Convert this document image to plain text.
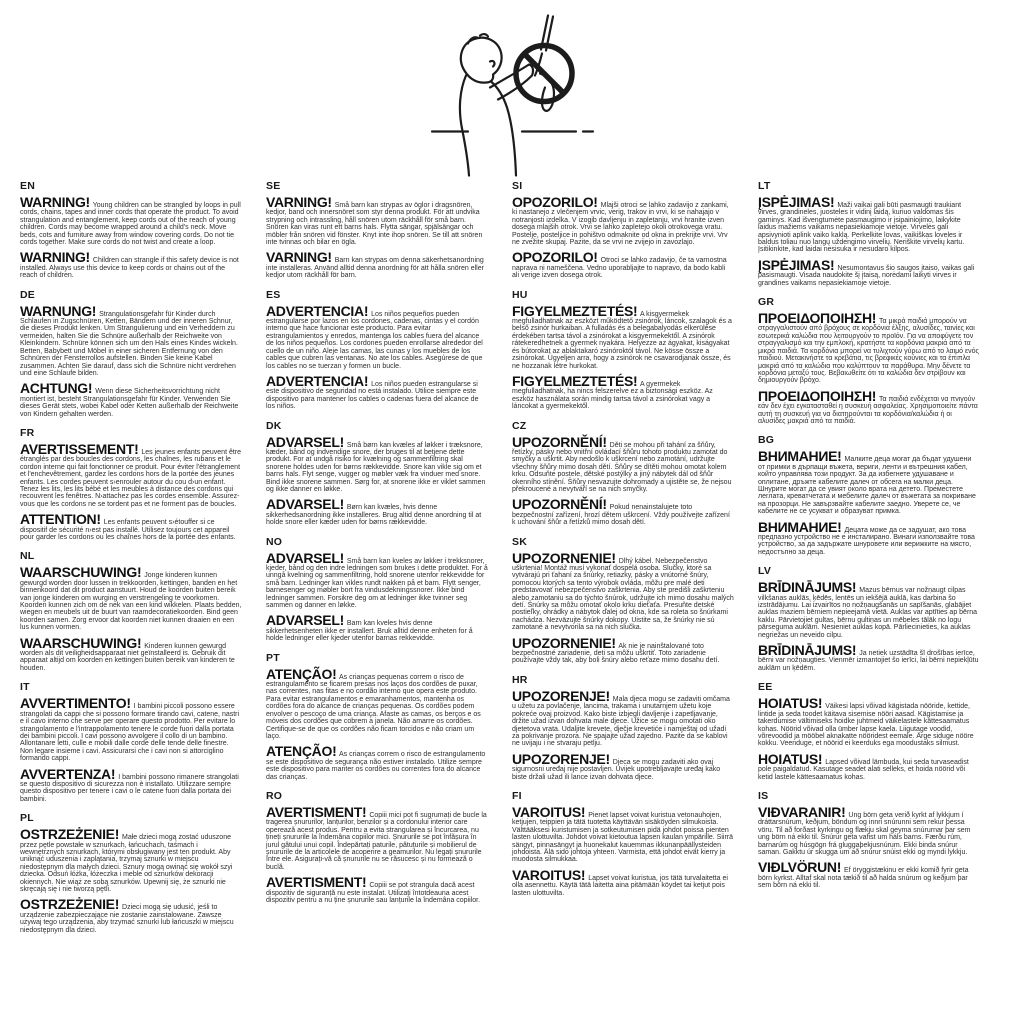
EN

WARNING! Young children can be strangled by loops in pull cords, chains, tapes and inner cords that operate the product. To avoid strangulation and entanglement, keep cords out of the reach of young children. Cords may become wrapped around a child's neck. Move beds, cots and furniture away from window covering cords. Do not tie cords together. Make sure cords do not twist and create a loop.

WARNING! Children can strangle if this safety device is not installed. Always use this device to keep cords or chains out of the reach of children.

DE

WARNUNG! Strangulationsgefahr für Kinder durch Schlaufen in Zugschnüren, Ketten, Bändern und der inneren Schnur, die dieses Produkt lenken. Um Strangulierung und ein Verheddern zu vermeiden, halten Sie die Schnüre außerhalb der Reichweite von Kleinkindern. Schnüre können sich um den Hals eines Kindes wickeln. Betten, Babybett und Möbel in einer sicheren Entfernung von den Schnüren der Fensterrollos aufstellen. Binden Sie keine Kabel zusammen. Achten Sie darauf, dass sich die Schnüre nicht verdrehen und eine Schlaufe bilden.

ACHTUNG! Wenn diese Sicherheitsvorrichtung nicht montiert ist, besteht Strangulationsgefahr für Kinder. Verwenden Sie dieses Gerät stets, wobei Kabel oder Ketten außerhalb der Reichweite von Kindern gehalten werden.

FR

AVERTISSEMENT! Les jeunes enfants peuvent être étranglés par des boucles des cordons, les chaînes, les rubans et le cordon interne qui fait fonctionner ce produit. Pour éviter l'étranglement et l'enchevêtrement, gardez les cordons hors de la portée des jeunes enfants. Les cordes peuvent s›enrouler autour du cou d›un enfant. Tenez les lits, les lits bébé et les meubles à distance des cordons qui recouvrent les fenêtres. N›attachez pas les cordes ensemble. Assurez-vous que les cordons ne se tordent pas et ne forment pas de boucles.

ATTENTION! Les enfants peuvent s›étouffer si ce dispositif de sécurité n›est pas installé. Utilisez toujours cet appareil pour garder les cordons ou les chaînes hors de la portée des enfants.

NL

WAARSCHUWING! Jonge kinderen kunnen gewurgd worden door lussen in trekkoorden, kettingen, banden en het binnenkoord dat dit product aanstuurt. Houd de koorden buiten bereik van jonge kinderen om wurging en verstrengeling te voorkomen. Koorden kunnen zich om de nek van een kind wikkelen. Plaats bedden, wiegen en meubels uit de buurt van raamdecoratiekoorden. Bind geen koorden samen. Zorg ervoor dat koorden niet kunnen draaien en een lus kunnen vormen.

WAARSCHUWING! Kinderen kunnen gewurgd worden als dit veiligheidsapparaat niet geïnstalleerd is. Gebruik dit apparaat altijd om koorden en kettingen buiten bereik van kinderen te houden.

IT

AVVERTIMENTO! I bambini piccoli possono essere strangolati da cappi che si possono formare tirando cavi, catene, nastri e il cavo interno che serve per operare questo prodotto. Per evitare lo strangolamento e l'intrappolamento tenere le corde fuori dalla portata dei bambini piccoli. I cavi possono avvolgere il collo di un bambino. Allontanare letti, culle e mobili dalle corde delle tende delle finestre. Non legare insieme i cavi. Assicurarsi che i cavi non si attorciglino formando cappi.

AVVERTENZA! I bambini possono rimanere strangolati se questo dispositivo di sicurezza non è installato. Utilizzare sempre questo dispositivo per tenere i cavi o le catene fuori dalla portata dei bambini.

PL

OSTRZEŻENIE! Małe dzieci mogą zostać uduszone przez pętle powstałe w sznurkach, łańcuchach, taśmach i wewnętrznych sznurkach, którymi obsługiwany jest ten produkt. Aby uniknąć uduszenia i zaplątania, trzymaj sznurki w miejscu niedostępnym dla małych dzieci. Sznury mogą owinąć się wokół szyi dziecka. Odsuń łóżka, łóżeczka i meble od sznurków dekoracji okiennych. Nie wiąż ze sobą sznurków. Upewnij się, że sznurki nie skręcają się i nie tworzą pętli.

OSTRZEŻENIE! Dzieci mogą się udusić, jeśli to urządzenie zabezpieczające nie zostanie zainstalowane. Zawsze używaj tego urządzenia, aby trzymać sznurki lub łańcuszki w miejscu niedostępnym dla dzieci.

SE

VARNING! Små barn kan strypas av öglor i dragsnören, kedjor, band och innersnöret som styr denna produkt. För att undvika strypning och intrassling, håll snören utom räckhåll för små barn. Snören kan viras runt ett barns hals. Flytta sängar, spjälsängar och möbler från snören vid fönster. Knyt inte ihop snören. Se till att snören inte tvinnas och bilar en ögla.

VARNING! Barn kan strypas om denna säkerhetsanordning inte installeras. Använd alltid denna anordning för att hålla snören eller kedjor utom räckhåll för barn.

ES

ADVERTENCIA! Los niños pequeños pueden estrangularse por lazos en los cordones, cadenas, cintas y el cordón interno que hace funcionar este producto. Para evitar estrangulamientos y enredos, mantenga los cables fuera del alcance de los niños pequeños. Los cordones pueden enrollarse alrededor del cuello de un niño. Aleje las camas, las cunas y los muebles de los cables que cubren las ventanas. No ate los cables. Asegúrese de que los cables no se tuerzan y formen un bucle.

ADVERTENCIA! Los niños pueden estrangularse si este dispositivo de seguridad no está instalado. Utilice siempre este dispositivo para mantener los cables o cadenas fuera del alcance de los niños.

DK

ADVARSEL! Små børn kan kvæles af løkker i træksnore, kæder, bånd og indvendige snore, der bruges til at betjene dette produkt. For at undgå risiko for kvælning og sammenfiltring skal snorene holdes uden for børns rækkevidde. Snore kan vikle sig om et barns hals. Flyt senge, vugger og møbler væk fra vinduer med snore. Bind ikke snorene sammen. Sørg for, at snorene ikke er viklet sammen og ikke danner en løkke.

ADVARSEL! Børn kan kvæles, hvis denne sikkerhedsanordning ikke installeres. Brug altid denne anordning til at holde snore eller kæder uden for børns rækkevidde.

NO

ADVARSEL! Små barn kan kveles av løkker i trekksnorer, kjeder, bånd og den indre ledningen som brukes i dette produktet. For å unngå kvelning og sammenfiltring, hold snorene utenfor rekkevidde for små barn. Ledninger kan vikles rundt nakken på et barn. Flytt senger, barnesenger og møbler bort fra vindusdekningssnorer. Ikke bind ledninger sammen. Forsikre deg om at ledninger ikke tvinner seg sammen og danner en løkke.

ADVARSEL! Barn kan kveles hvis denne sikkerhetsenheten ikke er installert. Bruk alltid denne enheten for å holde ledninger eller kjeder utenfor barnas rekkevidde.

PT

ATENÇÃO! As crianças pequenas correm o risco de estrangulamento se ficarem presas nos laços dos cordões de puxar, nas correntes, nas fitas e no cordão interno que opera este produto. Para evitar estrangulamentos e emaranhamentos, mantenha os cordões fora do alcance de crianças pequenas. Os cordões podem envolver o pescoço de uma criança. Afaste as camas, os berços e os móveis dos cordões que cobrem a janela. Não amarre os cordões. Certifique-se de que os cordões não ficam torcidos e não criam um laço.

ATENÇÃO! As crianças correm o risco de estrangulamento se este dispositivo de segurança não estiver instalado. Utilize sempre este dispositivo para manter os cordões ou correntes fora do alcance das crianças.

RO

AVERTISMENT! Copiii mici pot fi sugrumați de bucle la tragerea șnururilor, lanțurilor, benzilor și a cordonului interior care operează acest produs. Pentru a evita strangularea și încurcarea, nu țineți șnururile la îndemâna copiilor mici. Șnururile se pot înfășura în jurul gâtului unui copil. Îndepărtați paturile, pătuțurile și mobilierul de șnururile de la articolele de acoperire a geamurilor. Nu legați șnururile între ele. Asigurați-vă că șnururile nu se răsucesc și nu formează o buclă.

AVERTISMENT! Copiii se pot strangula dacă acest dispozitiv de siguranță nu este instalat. Utilizați întotdeauna acest dispozitiv pentru a nu ține șnururile sau lanțurile la îndemâna copiilor.

SI

OPOZORILO! Mlajši otroci se lahko zadavijo z zankami, ki nastanejo z vlečenjem vrvic, verig, trakov in vrvi, ki se nahajajo v notranjosti izdelka. V izogib davljenju in zapletanju, vrvi hranite izven dosega mlajših otrok. Vrvi se lahko zapletejo okoli otrokovega vratu. Postelje, posteljice in pohištvo odmaknite od okna in prekrijte vrvi. Vrv ne zvežite skupaj. Pazite, da se vrvi ne zvijejo in zavozlajo.

OPOZORILO! Otroci se lahko zadavijo, če ta varnostna naprava ni nameščena. Vedno uporabljajte to napravo, da bodo kabli ali verige izven dosega otrok.

HU

FIGYELMEZTETÉS! A kisgyermekek megfulladhatnak az eszközt működtető zsinórok, láncok, szalagok és a belső zsinór hurkaiban. A fulladás és a belegabalyodás elkerülése érdekében tartsa távol a zsinórokat a kisgyermekektől. A zsinórok rátekeredhetnek a gyermek nyakára. Helyezze az ágyakat, kiságyakat és bútorokat az ablaktakaró zsinóroktól távol. Ne kösse össze a zsinórokat. Ügyeljen arra, hogy a zsinórok ne csavarodjanak össze, és ne hozzanak létre hurkokat.

FIGYELMEZTETÉS! A gyermekek megfulladhatnak, ha nincs felszerelve ez a biztonsági eszköz. Az eszköz használata során mindig tartsa távol a zsinórokat vagy a láncokat a gyermekektől.

CZ

UPOZORNĚNÍ! Děti se mohou při tahání za šňůry, řetízky, pásky nebo vnitřní ovládací šňůru tohoto produktu zamotat do smyčky a uškrtit. Aby nedošlo k uškrcení nebo zamotání, udržujte všechny šňůry mimo dosah dětí. Šňůry se dítěti mohou omotat kolem krku. Odsuňte postele, dětské postýlky a jiný nábytek dál od šňůr okenního stínění. Šňůry nesvazujte dohromady a ujistěte se, že nejsou překroucené a nevytváří se na nich smyčky.

UPOZORNĚNÍ! Pokud nenainstalujete toto bezpečnostní zařízení, hrozí dětem uškrcení. Vždy používejte zařízení k uchování šňůr a řetízků mimo dosah dětí.

SK

UPOZORNENIE! Dlhý kábel. Nebezpečenstvo uškrtenia! Montáž musí vykonať dospelá osoba. Slučky, ktoré sa vytvárajú pri ťahaní za šnúrky, retiazky, pásky a vnútorné šnúry, pomocou ktorých sa tento výrobok ovláda, môžu pre malé deti predstavovať nebezpečenstvo zaškrtenia. Aby ste predišli zaškrteniu alebo zamotaniu sa do týchto šnúrok, udržujte ich mimo dosahu malých detí. Šnúrky sa môžu omotať okolo krku dieťaťa. Presuňte detské postieľky, ohrádky a nábytok ďalej od okna, kde sa roleta so šnúrkami nachádza. Nezväzujte šnúrky dokopy. Uistite sa, že šnúrky nie sú zamotané a nevytvorila sa na nich slučka.

UPOZORNENIE! Ak nie je nainštalované toto bezpečnostné zariadenie, deti sa môžu uškrtiť. Toto zariadenie používajte vždy tak, aby boli šnúry alebo reťaze mimo dosahu detí.

HR

UPOZORENJE! Mala djeca mogu se zadaviti omčama u užetu za povlačenje, lancima, trakama i unutarnjem užetu koje pokreće ovaj proizvod. Kako biste izbjegli davljenje i zapetljavanje, držite užad izvan dohvata male djece. Užice se mogu omotati oko djetetova vrata. Udaljite krevete, dječje krevetiće i namještaj od užadi za pokrivanje prozora. Ne spajajte užad zajedno. Pazite da se kablovi ne uvijaju i ne stvaraju petlju.

UPOZORENJE! Djeca se mogu zadaviti ako ovaj sigurnosni uređaj nije postavljen. Uvijek upotrebljavajte uređaj kako biste držali užad ili lance izvan dohvata djece.

FI

VAROITUS! Pienet lapset voivat kuristua vetonauhojen, ketjujen, teippien ja tätä tuotetta käyttävän sisäköyden silmukoista. Välttääksesi kuristumisen ja sotkeutumisen pidä johdot poissa pienten lasten ulottuvilta. Johdot voivat kietoutua lapsen kaulan ympärille. Siirrä sängyt, pinnasängyt ja huonekalut kauemmas ikkunanpäällysteiden johdoista. Älä sido johtoja yhteen. Varmista, että johdot eivät kierry ja muodosta silmukkaa.

VAROITUS! Lapset voivat kuristua, jos tätä turvalaitetta ei olla asennettu. Käytä tätä laitetta aina pitämään köydet tai ketjut pois lasten ulottuvilta.

LT

ĮSPĖJIMAS! Maži vaikai gali būti pasmaugti traukiant virves, grandineles, juosteles ir vidinį laidą, kuriuo valdomas šis gaminys. Kad išvengtumėte pasmaugimo ir įsipainiojimo, laikykite laidus mažiems vaikams nepasiekiamoje vietoje. Virvelės gali apsivynioti aplink vaiko kaklą. Perkelkite lovas, vaikiškas loveles ir baldus toliau nuo langų uždengimo virvelių. Neriškite virvelių kartu. Įsitikinkite, kad laidai nesisuka ir nesudaro kilpos.

ĮSPĖJIMAS! Nesumontavus šio saugos įtaiso, vaikas gali pasismaugti. Visada naudokite šį įtaisą, norėdami laikyti virves ir grandines vaikams nepasiekiamoje vietoje.

GR

ΠΡΟΕΙΔΟΠΟΙΗΣΗ! Τα μικρά παιδιά μπορούν να στραγγαλιστούν από βρόχους σε κορδόνια έλξης, αλυσίδες, ταινίες και εσωτερικά καλώδια που λειτουργούν το προϊόν. Για να αποφύγετε τον στραγγαλισμό και την εμπλοκή, κρατήστε τα κορδόνια μακριά από τα μικρά παιδιά. Τα κορδόνια μπορεί να τυλιχτούν γύρω από το λαιμό ενός παιδιού. Μετακινήστε τα κρεβάτια, τις βρεφικές κούνιες και τα έπιπλα μακριά από τα καλώδια που καλύπτουν τα παράθυρα. Μην δένετε τα κορδόνια μεταξύ τους. Βεβαιωθείτε ότι τα καλώδια δεν στρίβουν και δημιουργούν βρόχο.

ΠΡΟΕΙΔΟΠΟΙΗΣΗ! Τα παιδιά ενδέχεται να πνιγούν εάν δεν έχει εγκατασταθεί η συσκευή ασφαλείας. Χρησιμοποιείτε πάντα αυτή τη συσκευή για να διατηρούνται τα κορδόνια/καλώδια ή οι αλυσίδες μακριά από τα παιδιά.

BG

ВНИМАНИЕ! Малките деца могат да бъдат удушени от примки в дърпащи въжета, вериги, ленти и вътрешния кабел, който управлява този продукт. За да избегнете удушаване и оплитане, дръжте кабелите далеч от обсега на малки деца. Шнурите могат да се увият около врата на детето. Преместете леглата, креватчетата и мебелите далеч от въжетата за покриване на прозорци. Не завързвайте кабелите заедно. Уверете се, че кабелите не се усукват и образуват примка.

ВНИМАНИЕ! Децата може да се задушат, ако това предпазно устройство не е инсталирано. Винаги използвайте това устройство, за да задържате шнуровете или верижките на място, недостъпно за деца.

LV

BRĪDINĀJUMS! Mazus bērnus var nožņaugt cilpas vilkšanas auklās, ķēdēs, lentēs un iekšējā auklā, kas darbina šo izstrādājumu. Lai izvairītos no nožņaugšanās un sapīšanās, glabājiet auklas maziem bērniem nepieejamā vietā. Auklas var aptīties ap bērna kaklu. Pārvietojiet gultas, bērnu gultiņas un mēbeles tālāk no logu pārseguma auklām. Nesieniet auklas kopā. Pārliecinieties, ka auklas negriežas un neveido cilpu.

BRĪDINĀJUMS! Ja netiek uzstādīta šī drošības ierīce, bērni var nožņaugties. Vienmēr izmantojiet šo ierīci, lai bērni nepiekļūtu auklām un ķēdēm.

EE

HOIATUS! Väikesi lapsi võivad kägistada nööride, kettide, lintide ja seda toodet käitava sisemise nööri aasad. Kägistamise ja takerdumise vältimiseks hoidke juhtmeid väikelastele kättesaamatus kohas. Nöörid võivad olla ümber lapse kaela. Liigutage voodid, võrevoodid ja mööbel aknakatte nööridest eemale. Ärge siduge nööre kokku. Veenduge, et nöörid ei keerduks ega moodustaks silmust.

HOIATUS! Lapsed võivad lämbuda, kui seda turvaseadist pole paigaldatud. Kasutage seadet alati selleks, et hoida nöörid või ketid lastele kättesaamatus kohas.

IS

VIÐVARANIR! Ung börn geta verið kyrkt af lykkjum í dráttarsnúrum, keðjum, böndum og innri snúrunni sem rekur þessa vöru. Til að forðast kyrkingu og flækju skal geyma snúrurnar þar sem ung börn ná ekki til. Snúrur geta vafist um háls barns. Færðu rúm, barnarúm og húsgögn frá gluggaþekjusnúrum. Ekki binda snúrur saman. Gakktu úr skugga um að snúrur snúist ekki og myndi lykkju.

VIÐLVÖRUN! Ef öryggistækinu er ekki komið fyrir geta börn kyrkst. Alltaf skal nota tækið til að halda snúrum og keðjum þar sem börn ná ekki til.
